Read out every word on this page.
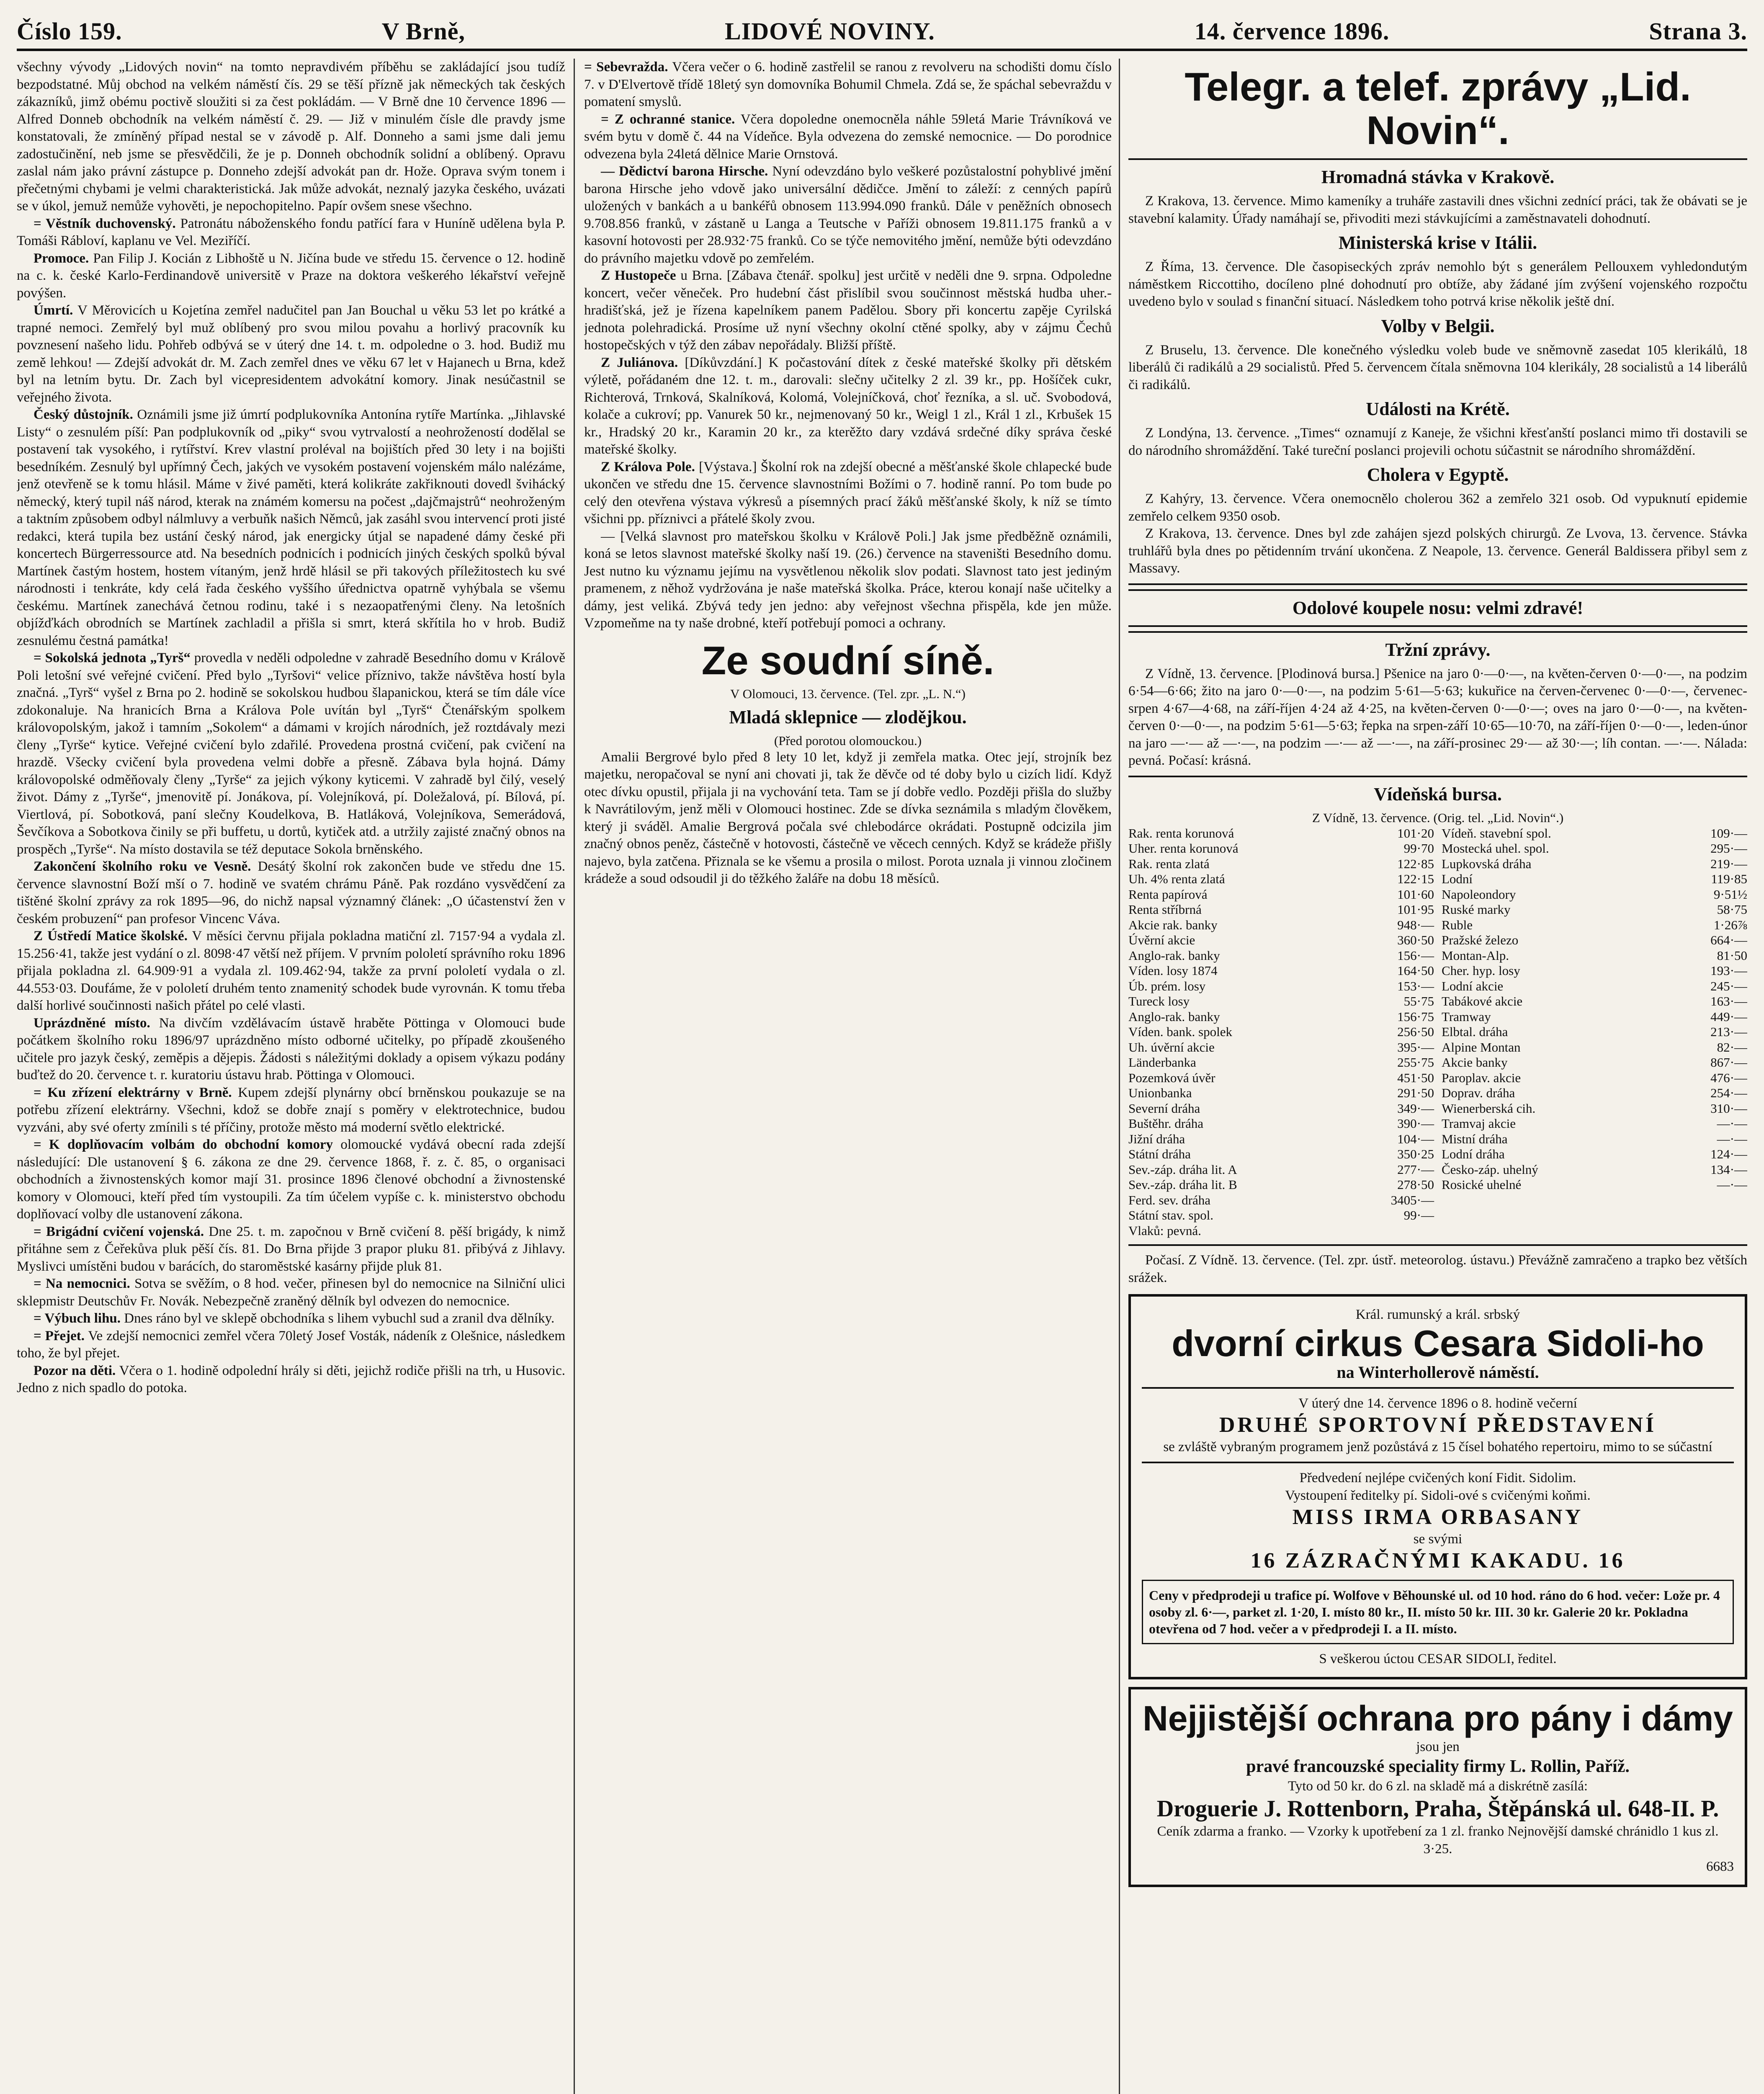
Číslo 159.	V Brně,	LIDOVÉ NOVINY.	14. července 1896.	Strana 3.

všechny vývody „Lidových novin“ na tomto nepravdivém příběhu se zakládající jsou tudíž bezpodstatné. Můj obchod na velkém náměstí čís. 29 se těší přízně jak německých tak českých zákazníků, jimž obému poctivě sloužiti si za čest pokládám. — V Brně dne 10 července 1896 — Alfred Donneb obchodník na velkém náměstí č. 29. — Již v minulém čísle dle pravdy jsme konstatovali, že zmíněný případ nestal se v závodě p. Alf. Donneho a sami jsme dali jemu zadostučinění, neb jsme se přesvědčili, že je p. Donneh obchodník solidní a oblíbený. Opravu zaslal nám jako právní zástupce p. Donneho zdejší advokát pan dr. Hože. Oprava svým tonem i přečetnými chybami je velmi charakteristická. Jak může advokát, neznalý jazyka českého, uvázati se v úkol, jemuž nemůže vyhověti, je nepochopitelno. Papír ovšem snese všechno.

= Věstník duchovenský. Patronátu náboženského fondu patřící fara v Huníně udělena byla P. Tomáši Rábloví, kaplanu ve Vel. Meziříčí.

Promoce. Pan Filip J. Kocián z Libhoště u N. Jičína bude ve středu 15. července o 12. hodině na c. k. české Karlo-Ferdinandově universitě v Praze na doktora veškerého lékařství veřejně povýšen.

Úmrtí. V Měrovicích u Kojetína zemřel nadučitel pan Jan Bouchal u věku 53 let po krátké a trapné nemoci. Zemřelý byl muž oblíbený pro svou milou povahu a horlivý pracovník ku povznesení našeho lidu. Pohřeb odbývá se v úterý dne 14. t. m. odpoledne o 3. hod. Budiž mu země lehkou! — Zdejší advokát dr. M. Zach zemřel dnes ve věku 67 let v Hajanech u Brna, kdež byl na letním bytu. Dr. Zach byl vicepresidentem advokátní komory. Jinak nesúčastnil se veřejného života.

Český důstojník. Oznámili jsme již úmrtí podplukovníka Antonína rytíře Martínka. „Jihlavské Listy“ o zesnulém píší: Pan podplukovník od „piky“ svou vytrvalostí a neohrožeností dodělal se postavení tak vysokého, i rytířství. Krev vlastní proléval na bojištích před 30 lety i na bojišti besedníkém. Zesnulý byl upřímný Čech, jakých ve vysokém postavení vojenském málo nalézáme, jenž otevřeně se k tomu hlásil. Máme v živé paměti, která kolikráte zakřiknouti dovedl švihácký německý, který tupil náš národ, kterak na známém komersu na počest „dajčmajstrů“ neohroženým a taktním způsobem odbyl nálmluvy a verbuňk našich Němců, jak zasáhl svou intervencí proti jisté redakci, která tupila bez ustání český národ, jak energicky útjal se napadené dámy české při koncertech Bürgerressource atd. Na besedních podnicích i podnicích jiných českých spolků býval Martínek častým hostem, hostem vítaným, jenž hrdě hlásil se při takových příležitostech ku své národnosti i tenkráte, kdy celá řada českého vyššího úřednictva opatrně vyhýbala se všemu českému. Martínek zanechává četnou rodinu, také i s nezaopatřenými členy. Na letošních objížďkách obrodních se Martínek zachladil a přišla si smrt, která skřítila ho v hrob. Budiž zesnulému čestná památka!

= Sokolská jednota „Tyrš“ provedla v neděli odpoledne v zahradě Besedního domu v Králově Poli letošní své veřejné cvičení. Před bylo „Tyršovi“ velice příznivo, takže návštěva hostí byla značná. „Tyrš“ vyšel z Brna po 2. hodině se sokolskou hudbou šlapanickou, která se tím dále více zdokonaluje. Na hranicích Brna a Králova Pole uvítán byl „Tyrš“ Čtenářským spolkem královopolským, jakož i tamním „Sokolem“ a dámami v krojích národních, jež roztdávaly mezi členy „Tyrše“ kytice. Veřejné cvičení bylo zdařilé. Provedena prostná cvičení, pak cvičení na hrazdě. Všecky cvičení byla provedena velmi dobře a přesně. Zábava byla hojná. Dámy královopolské odměňovaly členy „Tyrše“ za jejich výkony kyticemi. V zahradě byl čilý, veselý život. Dámy z „Tyrše“, jmenovitě pí. Jonákova, pí. Volejníková, pí. Doležalová, pí. Bílová, pí. Viertlová, pí. Sobotková, paní slečny Koudelkova, B. Hatláková, Volejníkova, Semerádová, Ševčíkova a Sobotkova činily se při buffetu, u dortů, kytiček atd. a utržily zajisté značný obnos na prospěch „Tyrše“. Na místo dostavila se též deputace Sokola brněnského.

Zakončení školního roku ve Vesně. Desátý školní rok zakončen bude ve středu dne 15. července slavnostní Boží mší o 7. hodině ve svatém chrámu Páně. Pak rozdáno vysvědčení za tištěné školní zprávy za rok 1895—96, do nichž napsal významný článek: „O účastenství žen v českém probuzení“ pan profesor Vincenc Váva.

Z Ústředí Matice školské. V měsíci červnu přijala pokladna matiční zl. 7157·94 a vydala zl. 15.256·41, takže jest vydání o zl. 8098·47 větší než příjem. V prvním pololetí správního roku 1896 přijala pokladna zl. 64.909·91 a vydala zl. 109.462·94, takže za první pololetí vydala o zl. 44.553·03. Doufáme, že v pololetí druhém tento znamenitý schodek bude vyrovnán. K tomu třeba další horlivé součinnosti našich přátel po celé vlasti.

Uprázdněné místo. Na divčím vzdělávacím ústavě hraběte Pöttinga v Olomouci bude počátkem školního roku 1896/97 uprázdněno místo odborné učitelky, po případě zkoušeného učitele pro jazyk český, zeměpis a dějepis. Žádosti s náležitými doklady a opisem výkazu podány buďtež do 20. července t. r. kuratoriu ústavu hrab. Pöttinga v Olomouci.

= Ku zřízení elektrárny v Brně. Kupem zdejší plynárny obcí brněnskou poukazuje se na potřebu zřízení elektrárny. Všechni, kdož se dobře znají s poměry v elektrotechnice, budou vyzváni, aby své oferty zmínili s té příčiny, protože město má moderní světlo elektrické.

= K doplňovacím volbám do obchodní komory olomoucké vydává obecní rada zdejší následující: Dle ustanovení § 6. zákona ze dne 29. července 1868, ř. z. č. 85, o organisaci obchodních a živnostenských komor mají 31. prosince 1896 členové obchodní a živnostenské komory v Olomouci, kteří před tím vystoupili. Za tím účelem vypíše c. k. ministerstvo obchodu doplňovací volby dle ustanovení zákona.

= Brigádní cvičení vojenská. Dne 25. t. m. započnou v Brně cvičení 8. pěší brigády, k nimž přitáhne sem z Čeřekůva pluk pěší čís. 81. Do Brna přijde 3 prapor pluku 81. přibývá z Jihlavy. Myslivci umístěni budou v barácích, do staroměstské kasárny přijde pluk 81.

= Na nemocnici. Sotva se svěžím, o 8 hod. večer, přinesen byl do nemocnice na Silniční ulici sklepmistr Deutschův Fr. Novák. Nebezpečně zraněný dělník byl odvezen do nemocnice.

= Výbuch lihu. Dnes ráno byl ve sklepě obchodníka s lihem vybuchl sud a zranil dva dělníky.

= Přejet. Ve zdejší nemocnici zemřel včera 70letý Josef Vosták, nádeník z Olešnice, následkem toho, že byl přejet.

Pozor na děti. Včera o 1. hodině odpolední hrály si děti, jejichž rodiče přišli na trh, u Husovic. Jedno z nich spadlo do potoka.

= Sebevražda. Včera večer o 6. hodině zastřelil se ranou z revolveru na schodišti domu číslo 7. v D'Elvertově třídě 18letý syn domovníka Bohumil Chmela. Zdá se, že spáchal sebevraždu v pomatení smyslů.

= Z ochranné stanice. Včera dopoledne onemocněla náhle 59letá Marie Trávníková ve svém bytu v domě č. 44 na Vídeňce. Byla odvezena do zemské nemocnice. — Do porodnice odvezena byla 24letá dělnice Marie Ornstová.

— Dědictví barona Hirsche. Nyní odevzdáno bylo veškeré pozůstalostní pohyblivé jmění barona Hirsche jeho vdově jako universální dědičce. Jmění to záleží: z cenných papírů uložených v bankách a u bankéřů obnosem 113.994.090 franků. Dále v peněžních obnosech 9.708.856 franků, v zástaně u Langa a Teutsche v Paříži obnosem 19.811.175 franků a v kasovní hotovosti per 28.932·75 franků. Co se týče nemovitého jmění, nemůže býti odevzdáno do právního majetku vdově po zemřelém.

Z Hustopeče u Brna. [Zábava čtenář. spolku] jest určitě v neděli dne 9. srpna. Odpoledne koncert, večer věneček. Pro hudební část přislíbil svou součinnost městská hudba uher.-hradišťská, jež je řízena kapelníkem panem Padělou. Sbory při koncertu zapěje Cyrilská jednota polehradická. Prosíme už nyní všechny okolní ctěné spolky, aby v zájmu Čechů hostopečských v týž den zábav nepořádaly. Bližší příště.

Z Juliánova. [Díkůvzdání.] K počastování dítek z české mateřské školky při dětském výletě, pořádaném dne 12. t. m., darovali: slečny učitelky 2 zl. 39 kr., pp. Hošíček cukr, Richterová, Trnková, Skalníková, Kolomá, Volejníčková, choť řezníka, a sl. uč. Svobodová, kolače a cukroví; pp. Vanurek 50 kr., nejmenovaný 50 kr., Weigl 1 zl., Král 1 zl., Krbušek 15 kr., Hradský 20 kr., Karamin 20 kr., za kterěžto dary vzdává srdečné díky správa české mateřské školky.

Z Králova Pole. [Výstava.] Školní rok na zdejší obecné a měšťanské škole chlapecké bude ukončen ve středu dne 15. července slavnostními Božími o 7. hodině ranní. Po tom bude po celý den otevřena výstava výkresů a písemných prací žáků měšťanské školy, k níž se tímto všichni pp. příznivci a přátelé školy zvou.

— [Velká slavnost pro mateřskou školku v Králově Poli.] Jak jsme předběžně oznámili, koná se letos slavnost mateřské školky naší 19. (26.) července na staveništi Besedního domu. Jest nutno ku významu jejímu na vysvětlenou několik slov podati. Slavnost tato jest jediným pramenem, z něhož vydržována je naše mateřská školka. Práce, kterou konají naše učitelky a dámy, jest veliká. Zbývá tedy jen jedno: aby veřejnost všechna přispěla, kde jen může. Vzpomeňme na ty naše drobné, kteří potřebují pomoci a ochrany.

Ze soudní síně.
V Olomouci, 13. července. (Tel. zpr. „L. N.“)
Mladá sklepnice — zlodějkou.
(Před porotou olomouckou.)

Amalii Bergrové bylo před 8 lety 10 let, když ji zemřela matka. Otec její, strojník bez majetku, neropačoval se nyní ani chovati ji, tak že děvče od té doby bylo u cizích lidí. Když otec dívku opustil, přijala ji na vychování teta. Tam se jí dobře vedlo. Později přišla do služby k Navrátilovým, jenž měli v Olomouci hostinec. Zde se dívka seznámila s mladým člověkem, který ji sváděl. Amalie Bergrová počala své chlebodárce okrádati. Postupně odcizila jim značný obnos peněz, částečně v hotovosti, částečně ve věcech cenných. Když se krádeže přišly najevo, byla zatčena. Přiznala se ke všemu a prosila o milost. Porota uznala ji vinnou zločinem krádeže a soud odsoudil ji do těžkého žaláře na dobu 18 měsíců.

Telegr. a telef. zprávy „Lid. Novin“.
Hromadná stávka v Krakově.

Z Krakova, 13. července. Mimo kameníky a truháře zastavili dnes všichni zednící práci, tak že obávati se je stavební kalamity. Úřady namáhají se, přivoditi mezi stávkujícími a zaměstnavateli dohodnutí.

Ministerská krise v Itálii.

Z Říma, 13. července. Dle časopiseckých zpráv nemohlo být s generálem Pellouxem vyhledondutým náměstkem Riccottiho, docíleno plné dohodnutí pro obtíže, aby žádané jím zvýšení vojenského rozpočtu uvedeno bylo v soulad s finanční situací. Následkem toho potrvá krise několik ještě dní.

Volby v Belgii.

Z Bruselu, 13. července. Dle konečného výsledku voleb bude ve sněmovně zasedat 105 klerikálů, 18 liberálů či radikálů a 29 socialistů. Před 5. červencem čítala sněmovna 104 klerikály, 28 socialistů a 14 liberálů či radikálů.

Události na Krétě.

Z Londýna, 13. července. „Times“ oznamují z Kaneje, že všichni křesťanští poslanci mimo tři dostavili se do národního shromáždění. Také tureční poslanci projevili ochotu súčastnit se národního shromáždění.

Cholera v Egyptě.

Z Kahýry, 13. července. Včera onemocnělo cholerou 362 a zemřelo 321 osob. Od vypuknutí epidemie zemřelo celkem 9350 osob.

Z Krakova, 13. července. Dnes byl zde zahájen sjezd polských chirurgů. Ze Lvova, 13. července. Stávka truhlářů byla dnes po pětidenním trvání ukončena. Z Neapole, 13. července. Generál Baldissera přibyl sem z Massavy.

Odolové koupele nosu: velmi zdravé!
Tržní zprávy.

Z Vídně, 13. července. [Plodinová bursa.] Pšenice na jaro 0·—0·—, na květen-červen 0·—0·—, na podzim 6·54—6·66; žito na jaro 0·—0·—, na podzim 5·61—5·63; kukuřice na červen-červenec 0·—0·—, červenec-srpen 4·67—4·68, na září-říjen 4·24 až 4·25, na květen-červen 0·—0·—; oves na jaro 0·—0·—, na květen-červen 0·—0·—, na podzim 5·61—5·63; řepka na srpen-září 10·65—10·70, na září-říjen 0·—0·—, leden-únor na jaro —·— až —·—, na podzim —·— až —·—, na září-prosinec 29·— až 30·—; líh contan. —·—. Nálada: pevná. Počasí: krásná.

Vídeňská bursa.
Z Vídně, 13. července. (Orig. tel. „Lid. Novin“.)
Rak. renta korunová	101·20
Uher. renta korunová	99·70
Rak. renta zlatá	122·85
Uh. 4% renta zlatá	122·15
Renta papírová	101·60
Renta stříbrná	101·95
Akcie rak. banky	948·—
Úvěrní akcie	360·50
Anglo-rak. banky	156·—
Víden. losy 1874	164·50
Úb. prém. losy	153·—
Tureck losy	55·75
Anglo-rak. banky	156·75
Víden. bank. spolek	256·50
Uh. úvěrní akcie	395·—
Länderbanka	255·75
Pozemková úvěr	451·50
Unionbanka	291·50
Severní dráha	349·—
Buštěhr. dráha	390·—
Jižní dráha	104·—
Státní dráha	350·25
Sev.-záp. dráha lit. A	277·—
Sev.-záp. dráha lit. B	278·50
Ferd. sev. dráha	3405·—
Státní stav. spol.	99·—
Vlaků: pevná.
Vídeň. stavební spol.	109·—
Mostecká uhel. spol.	295·—
Lupkovská dráha	219·—
Lodní	119·85
Napoleondory	9·51½
Ruské marky	58·75
Ruble	1·26⅞
Pražské železo	664·—
Montan-Alp.	81·50
Cher. hyp. losy	193·—
Lodní akcie	245·—
Tabákové akcie	163·—
Tramway	449·—
Elbtal. dráha	213·—
Alpine Montan	82·—
Akcie banky	867·—
Paroplav. akcie	476·—
Doprav. dráha	254·—
Wienerberská cih.	310·—
Tramvaj akcie	—·—
Mistní dráha	—·—
Lodní dráha	124·—
Česko-záp. uhelný	134·—
Rosické uhelné	—·—

Počasí. Z Vídně. 13. července. (Tel. zpr. ústř. meteorolog. ústavu.) Převážně zamračeno a trapko bez větších srážek.

Král. rumunský a král. srbský
dvorní cirkus Cesara Sidoli-ho
na Winterhollerově náměstí.
V úterý dne 14. července 1896 o 8. hodině večerní
DRUHÉ SPORTOVNÍ PŘEDSTAVENÍ
se zvláště vybraným programem jenž pozůstává z 15 čísel bohatého repertoiru, mimo to se súčastní
Předvedení nejlépe cvičených koní Fidit. Sidolim.
Vystoupení ředitelky pí. Sidoli-ové s cvičenými koňmi.
MISS IRMA ORBASANY
se svými
16 ZÁZRAČNÝMI KAKADU. 16
Ceny v předprodeji u trafice pí. Wolfove v Běhounské ul. od 10 hod. ráno do 6 hod. večer: Lože pr. 4 osoby zl. 6·—, parket zl. 1·20, I. místo 80 kr., II. místo 50 kr. III. 30 kr. Galerie 20 kr. Pokladna otevřena od 7 hod. večer a v předprodeji I. a II. místo.
S veškerou úctou CESAR SIDOLI, ředitel.
Nejjistější ochrana pro pány i dámy
jsou jen
pravé francouzské speciality firmy L. Rollin, Paříž.
Tyto od 50 kr. do 6 zl. na skladě má a diskrétně zasílá:
Droguerie J. Rottenborn, Praha, Štěpánská ul. 648-II. P.
Ceník zdarma a franko. — Vzorky k upotřebení za 1 zl. franko Nejnovější damské chránidlo 1 kus zl. 3·25.
6683
